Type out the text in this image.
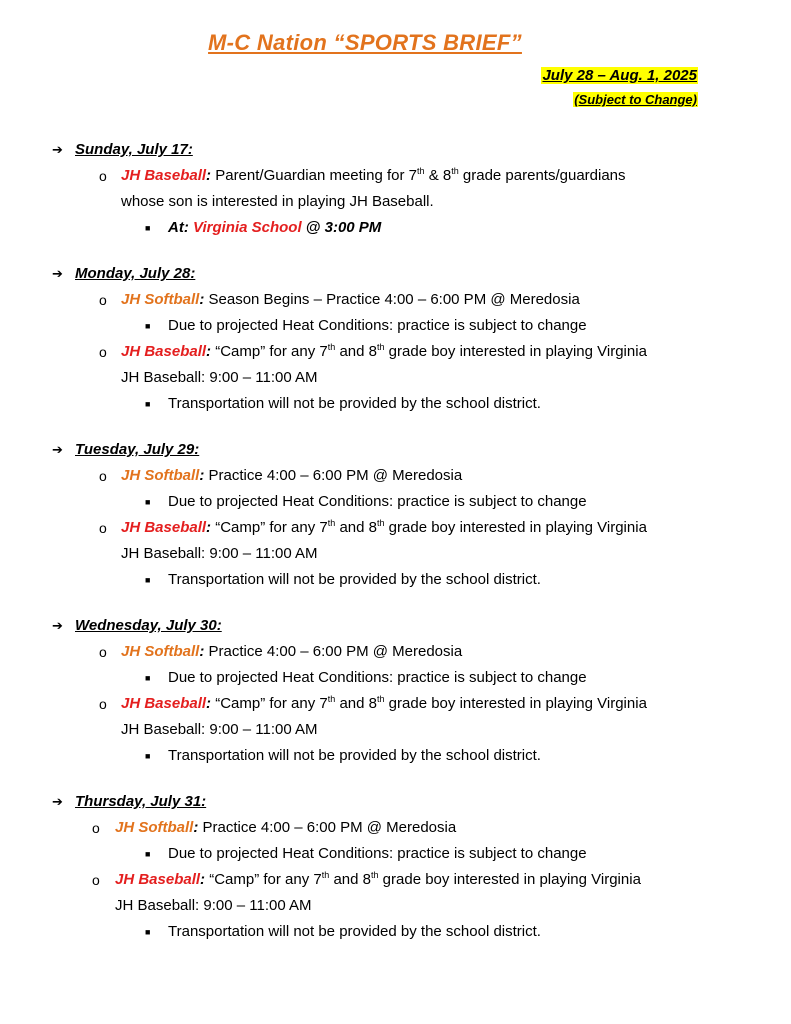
M-C Nation “SPORTS BRIEF”
July 28 – Aug. 1, 2025
(Subject to Change)
➔ Sunday, July 17:
o JH Baseball: Parent/Guardian meeting for 7th & 8th grade parents/guardians
whose son is interested in playing JH Baseball.
■ At: Virginia School @ 3:00 PM
➔ Monday, July 28:
o JH Softball: Season Begins – Practice 4:00 – 6:00 PM @ Meredosia
■ Due to projected Heat Conditions: practice is subject to change
o JH Baseball: “Camp” for any 7th and 8th grade boy interested in playing Virginia
JH Baseball: 9:00 – 11:00 AM
■ Transportation will not be provided by the school district.
➔ Tuesday, July 29:
o JH Softball: Practice 4:00 – 6:00 PM @ Meredosia
■ Due to projected Heat Conditions: practice is subject to change
o JH Baseball: “Camp” for any 7th and 8th grade boy interested in playing Virginia
JH Baseball: 9:00 – 11:00 AM
■ Transportation will not be provided by the school district.
➔ Wednesday, July 30:
o JH Softball: Practice 4:00 – 6:00 PM @ Meredosia
■ Due to projected Heat Conditions: practice is subject to change
o JH Baseball: “Camp” for any 7th and 8th grade boy interested in playing Virginia
JH Baseball: 9:00 – 11:00 AM
■ Transportation will not be provided by the school district.
➔ Thursday, July 31:
o JH Softball: Practice 4:00 – 6:00 PM @ Meredosia
■ Due to projected Heat Conditions: practice is subject to change
o JH Baseball: “Camp” for any 7th and 8th grade boy interested in playing Virginia
JH Baseball: 9:00 – 11:00 AM
■ Transportation will not be provided by the school district.
